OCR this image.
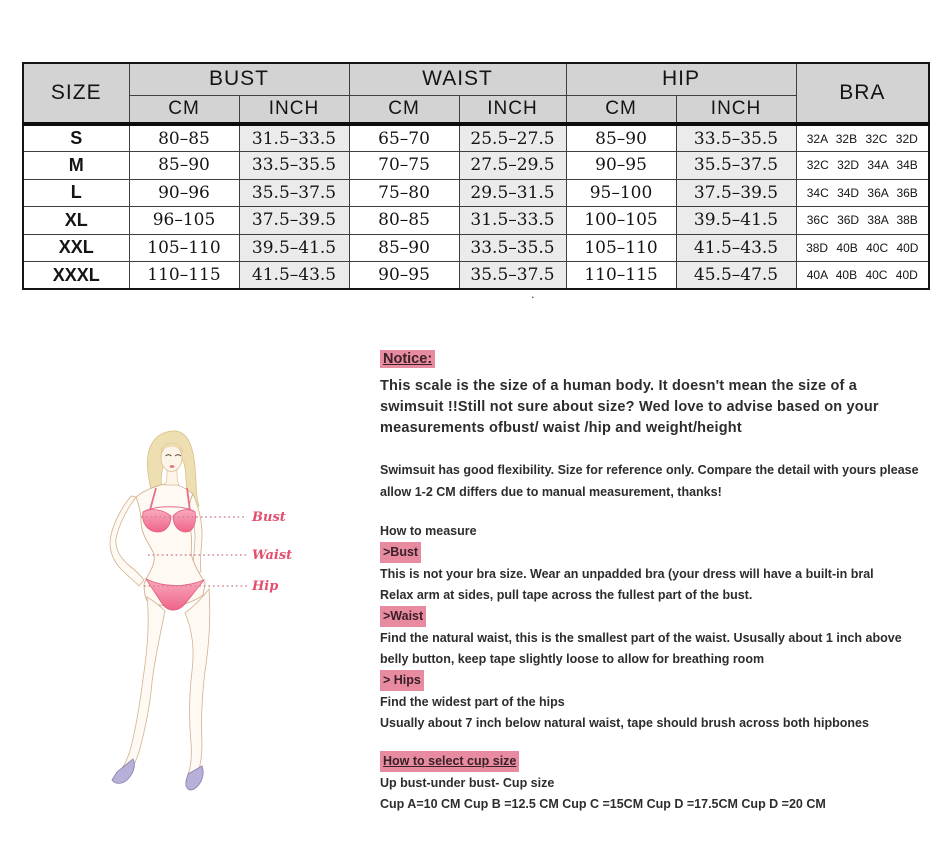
SIZE	BUST		WAIST		HIP		BRA
	CM	INCH	CM	INCH	CM	INCH	
S	80–85	31.5–33.5	65–70	25.5–27.5	85–90	33.5–35.5	32A 32B 32C 32D
M	85–90	33.5–35.5	70–75	27.5–29.5	90–95	35.5–37.5	32C 32D 34A 34B
L	90–96	35.5–37.5	75–80	29.5–31.5	95–100	37.5–39.5	34C 34D 36A 36B
XL	96–105	37.5–39.5	80–85	31.5–33.5	100–105	39.5–41.5	36C 36D 38A 38B
XXL	105–110	39.5–41.5	85–90	33.5–35.5	105–110	41.5–43.5	38D 40B 40C 40D
XXXL	110–115	41.5–43.5	90–95	35.5–37.5	110–115	45.5–47.5	40A 40B 40C 40D
.
Bust
Waist
Hip
Notice:
This scale is the size of a human body. It doesn't mean the size of a
swimsuit !!Still not sure about size? Wed love to advise based on your
measurements ofbust/ waist /hip and weight/height
Swimsuit has good flexibility. Size for reference only. Compare the detail with yours please
allow 1-2 CM differs due to manual measurement, thanks!
How to measure
>Bust
This is not your bra size. Wear an unpadded bra (your dress will have a built-in bral
Relax arm at sides, pull tape across the fullest part of the bust.
>Waist
Find the natural waist, this is the smallest part of the waist. Ususally about 1 inch above
belly button, keep tape slightly loose to allow for breathing room
> Hips
Find the widest part of the hips
Usually about 7 inch below natural waist, tape should brush across both hipbones
How to select cup size
Up bust-under bust- Cup size
Cup A=10 CM Cup B =12.5 CM Cup C =15CM Cup D =17.5CM Cup D =20 CM
